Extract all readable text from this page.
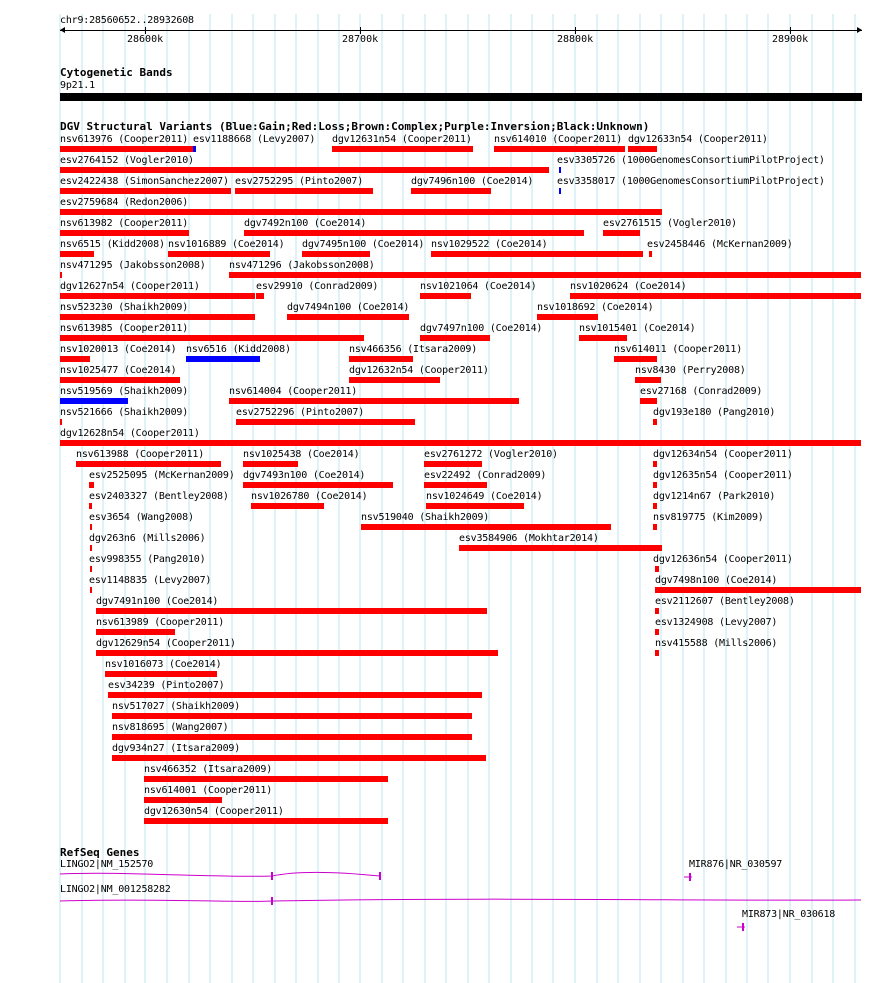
chr9:28560652..28932608
28600k	28700k	28800k	28900k
Cytogenetic Bands
9p21.1
DGV Structural Variants (Blue:Gain;Red:Loss;Brown:Complex;Purple:Inversion;Black:Unknown)
nsv613976 (Cooper2011) esv1188668 (Levy2007) dgv12631n54 (Cooper2011) nsv614010 (Cooper2011) dgv12633n54 (Cooper2011)
esv2764152 (Vogler2010)	esv3305726 (1000GenomesConsortiumPilotProject)
esv2422438 (SimonSanchez2007) esv2752295 (Pinto2007)	dgv7496n100 (Coe2014) esv3358017 (1000GenomesConsortiumPilotProject)
esv2759684 (Redon2006)
nsv613982 (Cooper2011)	dgv7492n100 (Coe2014)	esv2761515 (Vogler2010)
nsv6515 (Kidd2008) nsv1016889 (Coe2014) dgv7495n100 (Coe2014) nsv1029522 (Coe2014)	esv2458446 (McKernan2009)
nsv471295 (Jakobsson2008) nsv471296 (Jakobsson2008)
dgv12627n54 (Cooper2011)	esv29910 (Conrad2009)	nsv1021064 (Coe2014)	nsv1020624 (Coe2014)
nsv523230 (Shaikh2009)	dgv7494n100 (Coe2014)	nsv1018692 (Coe2014)
nsv613985 (Cooper2011)	dgv7497n100 (Coe2014)	nsv1015401 (Coe2014)
nsv1020013 (Coe2014) nsv6516 (Kidd2008)	nsv466356 (Itsara2009)	nsv614011 (Cooper2011)
nsv1025477 (Coe2014)	dgv12632n54 (Cooper2011)	nsv8430 (Perry2008)
nsv519569 (Shaikh2009)	nsv614004 (Cooper2011)	esv27168 (Conrad2009)
nsv521666 (Shaikh2009)	esv2752296 (Pinto2007)	dgv193e180 (Pang2010)
dgv12628n54 (Cooper2011)
nsv613988 (Cooper2011)	nsv1025438 (Coe2014)	esv2761272 (Vogler2010)	dgv12634n54 (Cooper2011)
esv2525095 (McKernan2009) dgv7493n100 (Coe2014)	esv22492 (Conrad2009)	dgv12635n54 (Cooper2011)
esv2403327 (Bentley2008) nsv1026780 (Coe2014)	nsv1024649 (Coe2014)	dgv1214n67 (Park2010)
esv3654 (Wang2008)	nsv519040 (Shaikh2009)	nsv819775 (Kim2009)
dgv263n6 (Mills2006)	esv3584906 (Mokhtar2014)
esv998355 (Pang2010)	dgv12636n54 (Cooper2011)
esv1148835 (Levy2007)	dgv7498n100 (Coe2014)
dgv7491n100 (Coe2014)	esv2112607 (Bentley2008)
nsv613989 (Cooper2011)	esv1324908 (Levy2007)
dgv12629n54 (Cooper2011)	nsv415588 (Mills2006)
nsv1016073 (Coe2014)
esv34239 (Pinto2007)
nsv517027 (Shaikh2009)
nsv818695 (Wang2007)
dgv934n27 (Itsara2009)
nsv466352 (Itsara2009)
nsv614001 (Cooper2011)
dgv12630n54 (Cooper2011)
RefSeq Genes
LINGO2|NM_152570	MIR876|NR_030597
LINGO2|NM_001258282
MIR873|NR_030618
